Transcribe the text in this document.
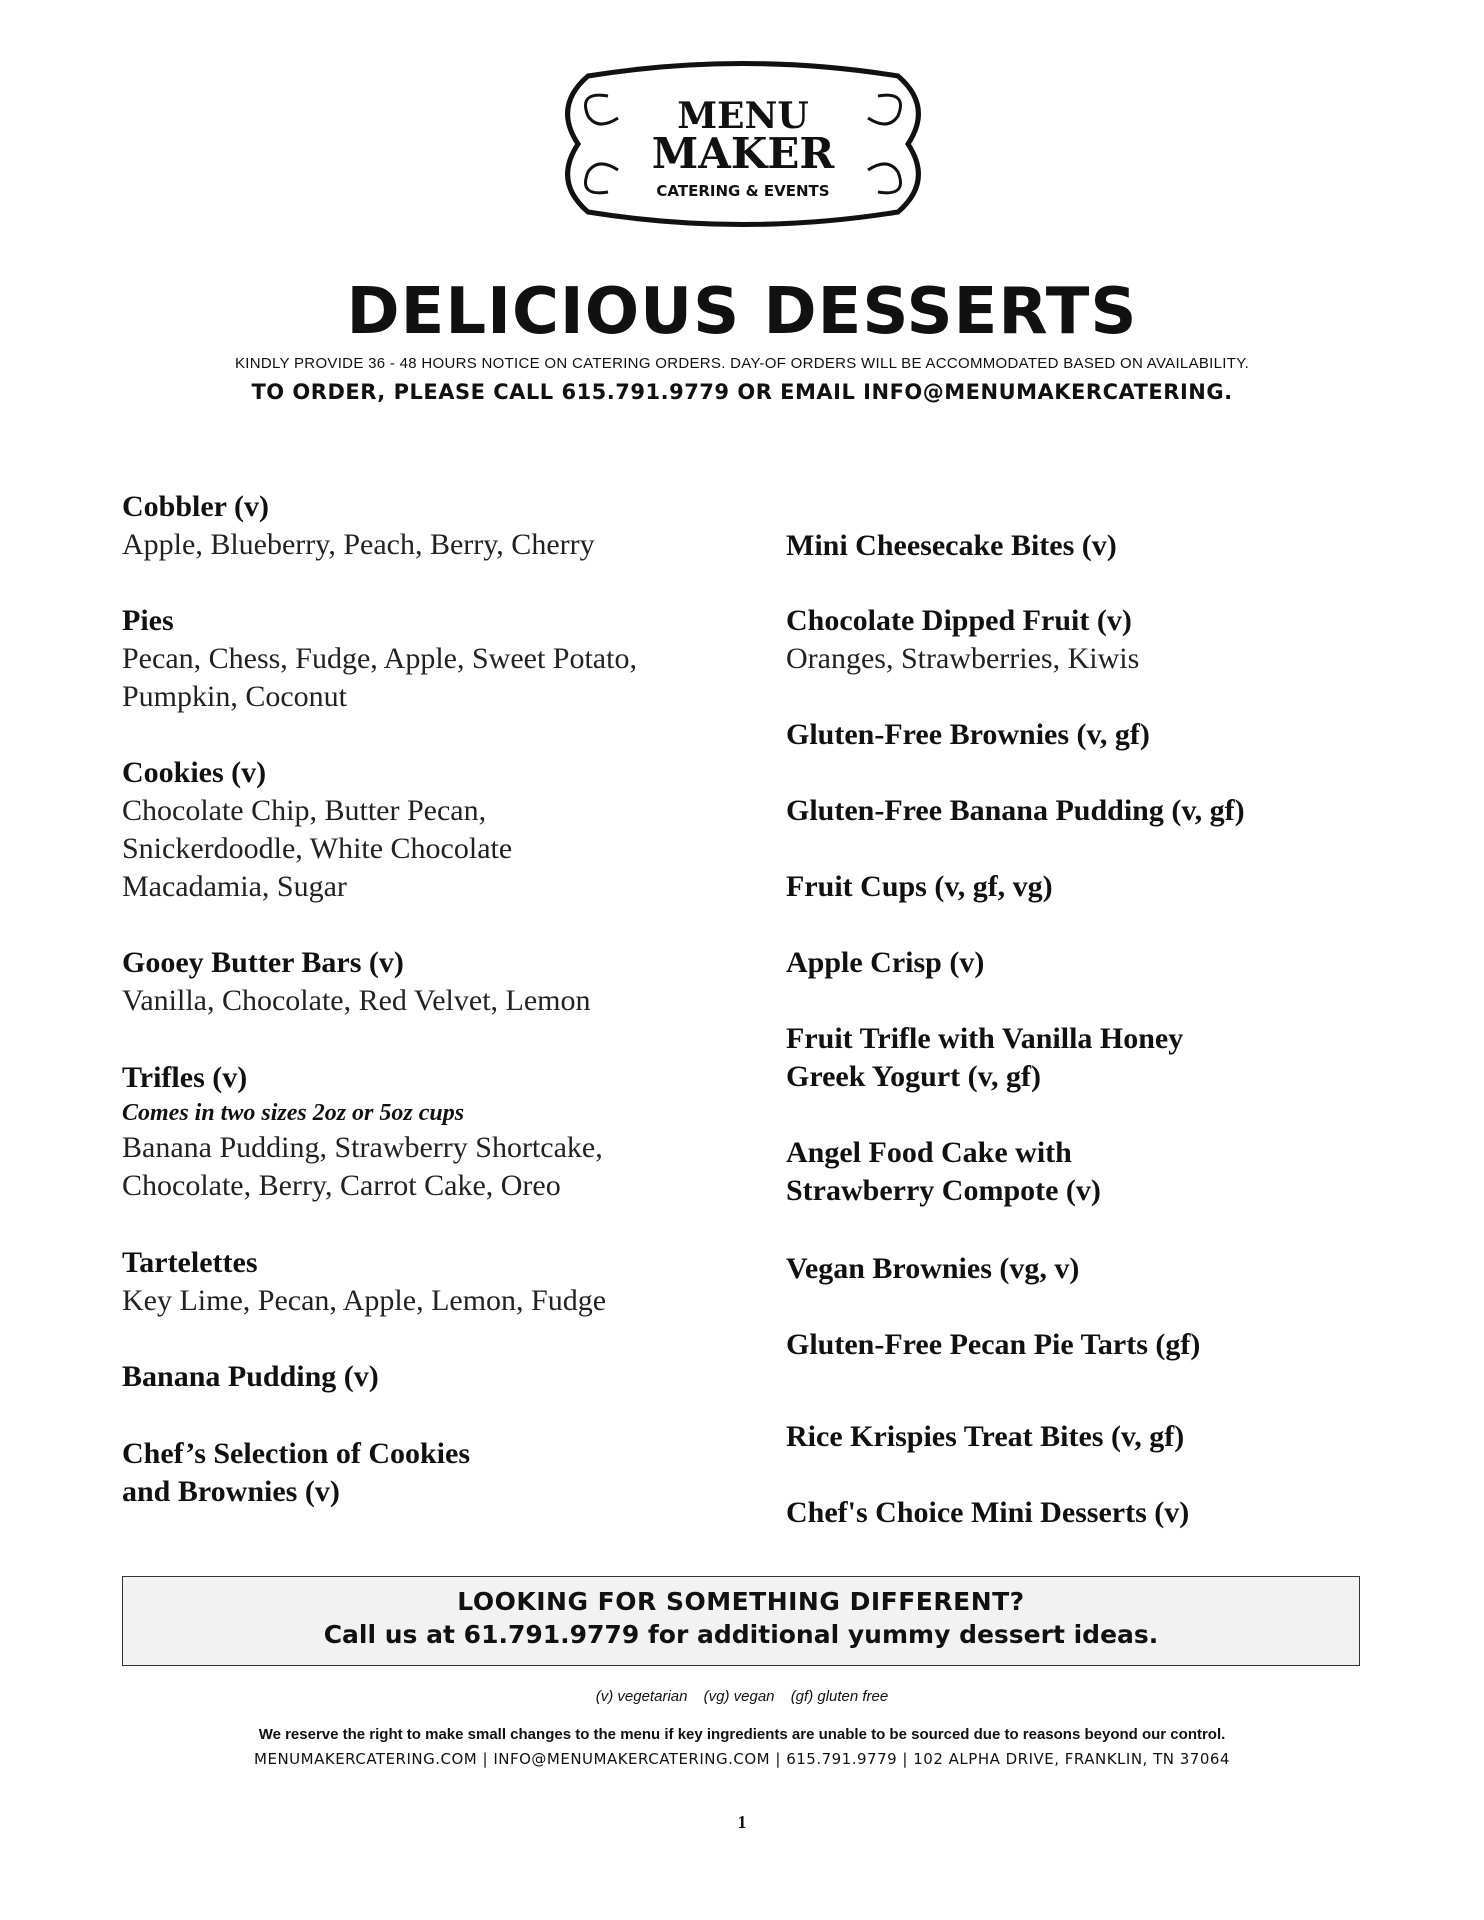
MENU
MAKER
CATERING & EVENTS
DELICIOUS DESSERTS
KINDLY PROVIDE 36 - 48 HOURS NOTICE ON CATERING ORDERS. DAY-OF ORDERS WILL BE ACCOMMODATED BASED ON AVAILABILITY.
TO ORDER, PLEASE CALL 615.791.9779 OR EMAIL INFO@MENUMAKERCATERING.
Cobbler (v)
Apple, Blueberry, Peach, Berry, Cherry
Pies
Pecan, Chess, Fudge, Apple, Sweet Potato,
Pumpkin, Coconut
Cookies (v)
Chocolate Chip, Butter Pecan,
Snickerdoodle, White Chocolate
Macadamia, Sugar
Gooey Butter Bars (v)
Vanilla, Chocolate, Red Velvet, Lemon
Trifles (v)
Comes in two sizes 2oz or 5oz cups
Banana Pudding, Strawberry Shortcake,
Chocolate, Berry, Carrot Cake, Oreo
Tartelettes
Key Lime, Pecan, Apple, Lemon, Fudge
Banana Pudding (v)
Chef’s Selection of Cookies
and Brownies (v)
Mini Cheesecake Bites (v)
Chocolate Dipped Fruit (v)
Oranges, Strawberries, Kiwis
Gluten-Free Brownies (v, gf)
Gluten-Free Banana Pudding (v, gf)
Fruit Cups (v, gf, vg)
Apple Crisp (v)
Fruit Trifle with Vanilla Honey
Greek Yogurt (v, gf)
Angel Food Cake with
Strawberry Compote (v)
Vegan Brownies (vg, v)
Gluten-Free Pecan Pie Tarts (gf)
Rice Krispies Treat Bites (v, gf)
Chef's Choice Mini Desserts (v)
LOOKING FOR SOMETHING DIFFERENT?
Call us at 61.791.9779 for additional yummy dessert ideas.
(v) vegetarian (vg) vegan (gf) gluten free
We reserve the right to make small changes to the menu if key ingredients are unable to be sourced due to reasons beyond our control.
MENUMAKERCATERING.COM | INFO@MENUMAKERCATERING.COM | 615.791.9779 | 102 ALPHA DRIVE, FRANKLIN, TN 37064
1
